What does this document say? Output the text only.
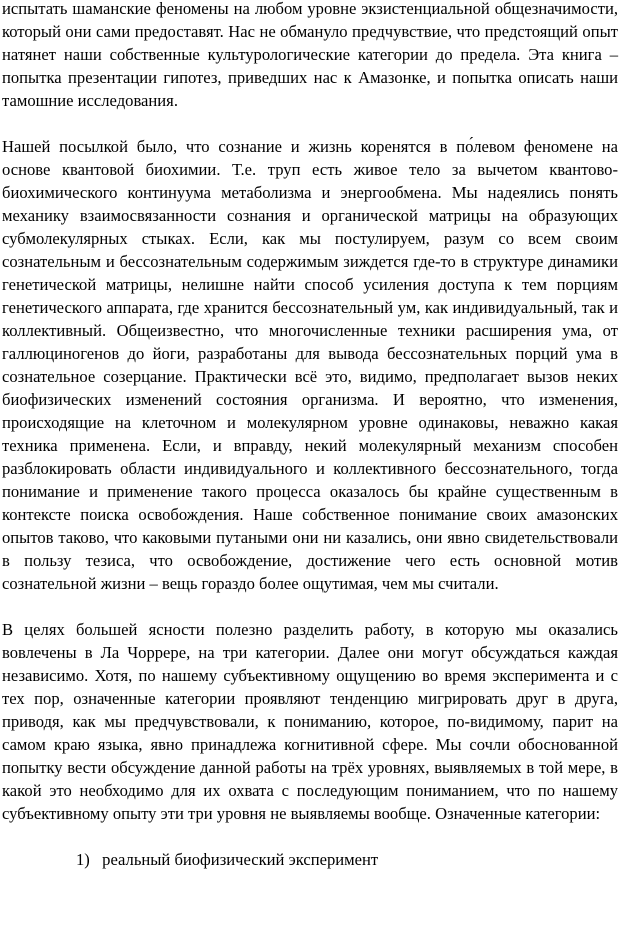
испытать шаманские феномены на любом уровне экзистенциальной общезначимости, который они сами предоставят. Нас не обмануло предчувствие, что предстоящий опыт натянет наши собственные культурологические категории до предела. Эта книга – попытка презентации гипотез, приведших нас к Амазонке, и попытка описать наши тамошние исследования.

Нашей посылкой было, что сознание и жизнь коренятся в по́левом феномене на основе квантовой биохимии. Т.е. труп есть живое тело за вычетом квантово-биохимического континуума метаболизма и энергообмена. Мы надеялись понять механику взаимосвязанности сознания и органической матрицы на образующих субмолекулярных стыках. Если, как мы постулируем, разум со всем своим сознательным и бессознательным содержимым зиждется где-то в структуре динамики генетической матрицы, нелишне найти способ усиления доступа к тем порциям генетического аппарата, где хранится бессознательный ум, как индивидуальный, так и коллективный. Общеизвестно, что многочисленные техники расширения ума, от галлюциногенов до йоги, разработаны для вывода бессознательных порций ума в сознательное созерцание. Практически всё это, видимо, предполагает вызов неких биофизических изменений состояния организма. И вероятно, что изменения, происходящие на клеточном и молекулярном уровне одинаковы, неважно какая техника применена. Если, и вправду, некий молекулярный механизм способен разблокировать области индивидуального и коллективного бессознательного, тогда понимание и применение такого процесса оказалось бы крайне существенным в контексте поиска освобождения. Наше собственное понимание своих амазонских опытов таково, что каковыми путаными они ни казались, они явно свидетельствовали в пользу тезиса, что освобождение, достижение чего есть основной мотив сознательной жизни – вещь гораздо более ощутимая, чем мы считали.

В целях большей ясности полезно разделить работу, в которую мы оказались вовлечены в Ла Чоррере, на три категории. Далее они могут обсуждаться каждая независимо. Хотя, по нашему субъективному ощущению во время эксперимента и с тех пор, означенные категории проявляют тенденцию мигрировать друг в друга, приводя, как мы предчувствовали, к пониманию, которое, по-видимому, парит на самом краю языка, явно принадлежа когнитивной сфере. Мы сочли обоснованной попытку вести обсуждение данной работы на трёх уровнях, выявляемых в той мере, в какой это необходимо для их охвата с последующим пониманием, что по нашему субъективному опыту эти три уровня не выявляемы вообще. Означенные категории:

1) реальный биофизический эксперимент
